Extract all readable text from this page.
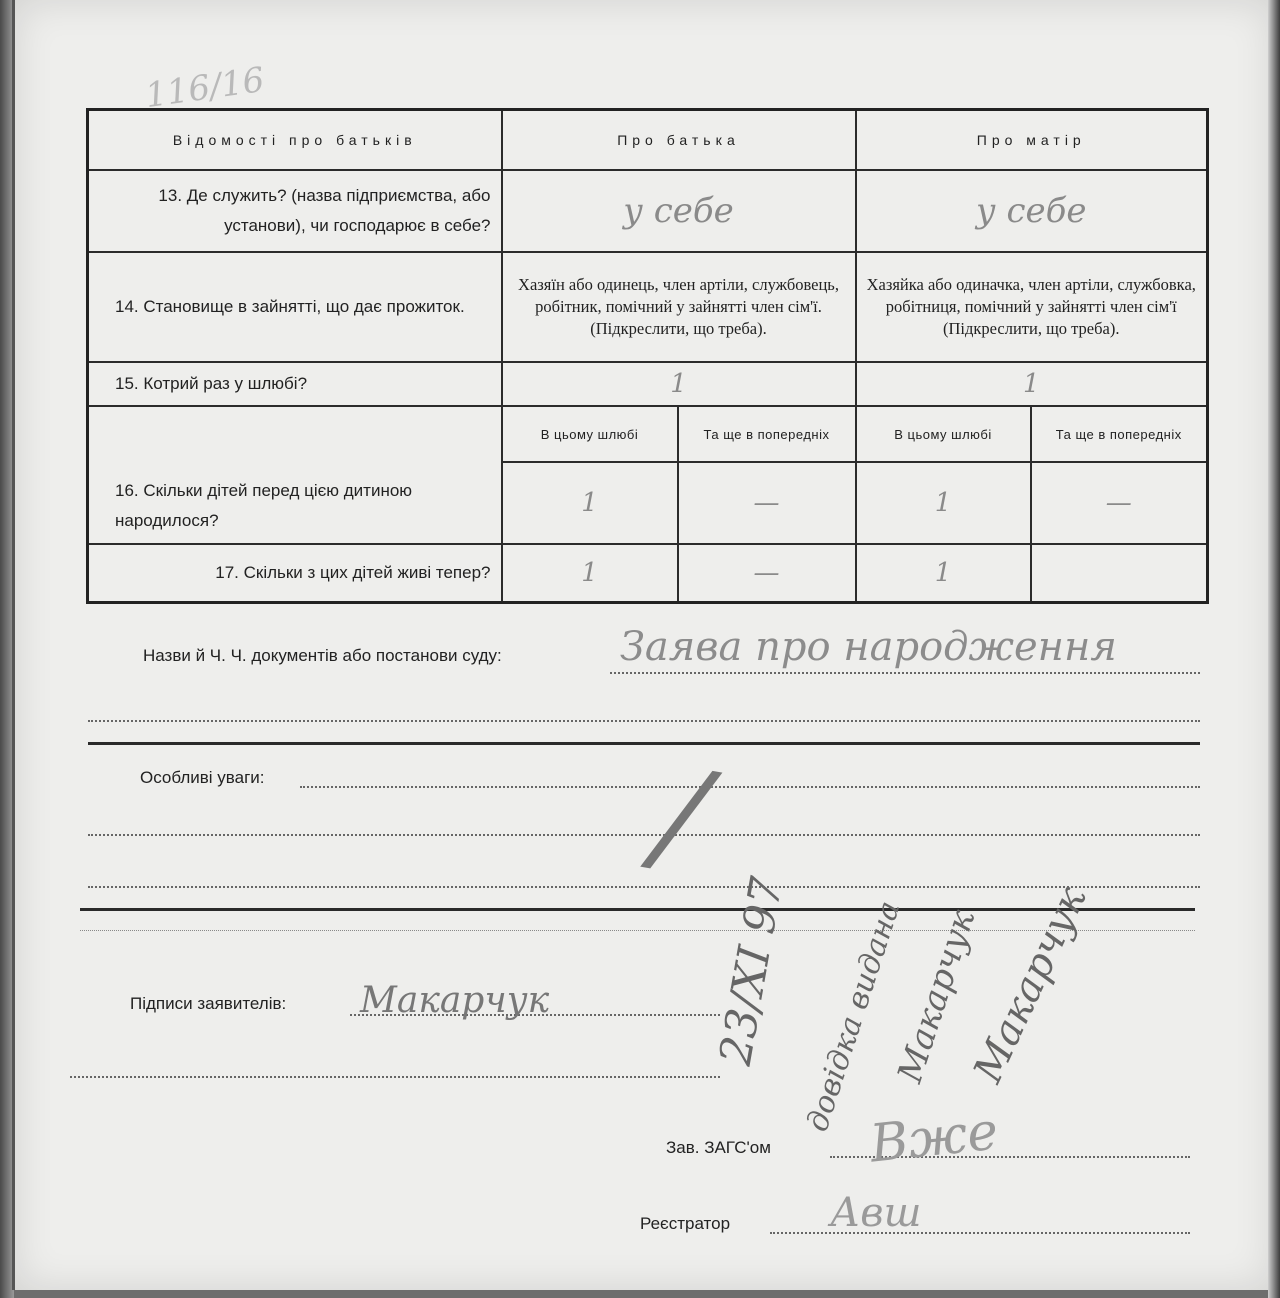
116/16
Відомості про батьків	Про батька		Про матір	
13. Де служить? (назва підприємства, або установи), чи господарює в себе?	у себе		у себе	
14. Становище в зайнятті, що дає прожиток.	Хазяїн або одинець, член артіли, службовець, робітник, помічний у зайнятті член сім'ї. (Підкреслити, що треба).		Хазяйка або одиначка, член артіли, службовка, робітниця, помічний у зайнятті член сім'ї (Підкреслити, що треба).	
15. Котрий раз у шлюбі?	1		1	
16. Скільки дітей перед цією дитиною народилося?	В цьому шлюбі	Та ще в попередніх	В цьому шлюбі	Та ще в попередніх
	1	—	1	—
17. Скільки з цих дітей живі тепер?	1	—	1	
Назви й Ч. Ч. документів або постанови суду:	Заява про народження
Особливі уваги:	/
Підписи заявителів: Макарчук	23/XI 97 довідка видана
Макарчук
Макарчук
Зав. ЗАГС'ом Вже
Реєстратор Авш
